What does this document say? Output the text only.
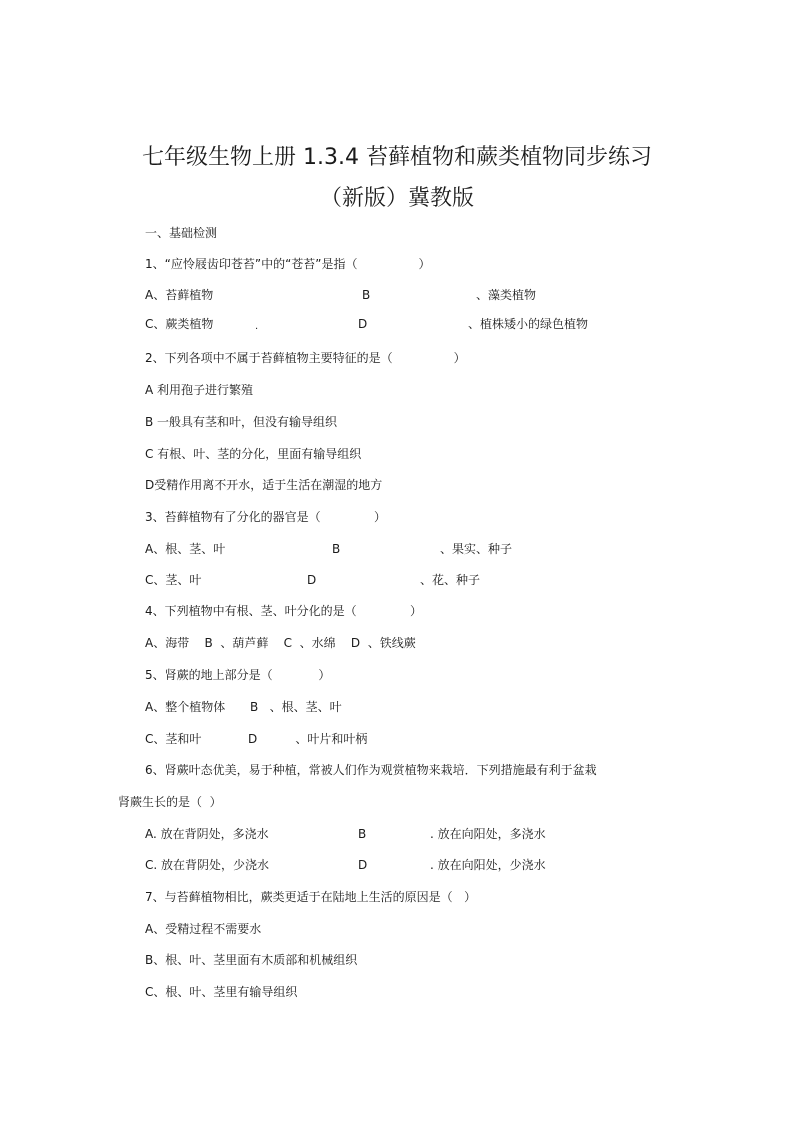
七年级生物上册 1.3.4 苔藓植物和蕨类植物同步练习
（新版）冀教版
一、基础检测
1、“应怜屐齿印苍苔”中的“苍苔”是指（                ）
A、苔藓植物	B	、藻类植物
C、蕨类植物	.	D	、植株矮小的绿色植物
2、下列各项中不属于苔藓植物主要特征的是（                ）
A 利用孢子进行繁殖
B 一般具有茎和叶，但没有输导组织
C 有根、叶、茎的分化，里面有输导组织
D受精作用离不开水，适于生活在潮湿的地方
3、苔藓植物有了分化的器官是（              ）
A、根、茎、叶	B	、果实、种子
C、茎、叶	D	、花、种子
4、下列植物中有根、茎、叶分化的是（              ）
A、海带    B  、葫芦藓    C  、水绵    D  、铁线蕨
5、肾蕨的地上部分是（            ）
A、整个植物体 B   、根、茎、叶
C、茎和叶	D          、叶片和叶柄
6、肾蕨叶态优美，易于种植，常被人们作为观赏植物来栽培．下列措施最有利于盆栽
肾蕨生长的是（  ）
A. 放在背阴处，多浇水	B	. 放在向阳处，多浇水
C. 放在背阴处，少浇水	D	. 放在向阳处，少浇水
7、与苔藓植物相比，蕨类更适于在陆地上生活的原因是（   ）
A、受精过程不需要水
B、根、叶、茎里面有木质部和机械组织
C、根、叶、茎里有输导组织
